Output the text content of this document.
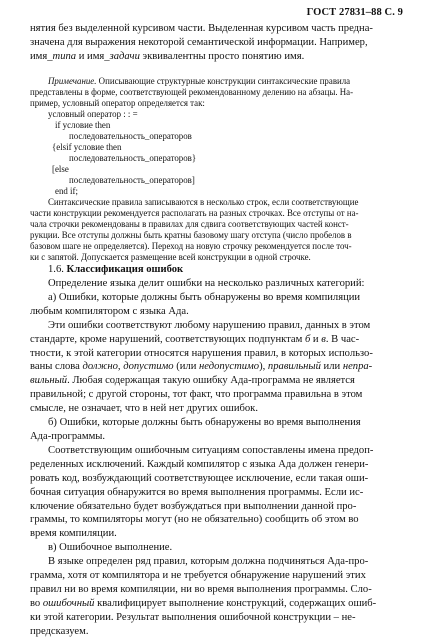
ГОСТ 27831–88 С. 9
нятия без выделенной курсивом части. Выделенная курсивом часть предна-
значена для выражения некоторой семантической информации. Например,
имя_типа и имя_задачи эквивалентны просто понятию имя.
Примечание. Описывающие структурные конструкции синтаксические правила
представлены в форме, соответствующей рекомендованному делению на абзацы. На-
пример, условный оператор определяется так:
условный оператор : : =
if условие then
последовательность_операторов
{elsif условие then
последовательность_операторов}
[else
последовательность_операторов]
end if;
Синтаксические правила записываются в несколько строк, если соответствующие
части конструкции рекомендуется располагать на разных строчках. Все отступы от на-
чала строчки рекомендованы в правилах для сдвига соответствующих частей конст-
рукции. Все отступы должны быть кратны базовому шагу отступа (число пробелов в
базовом шаге не определяется). Переход на новую строчку рекомендуется после точ-
ки с запятой. Допускается размещение всей конструкции в одной строчке.
1.6. Классификация ошибок
Определение языка делит ошибки на несколько различных категорий:
а) Ошибки, которые должны быть обнаружены во время компиляции
любым компилятором с языка Ада.
Эти ошибки соответствуют любому нарушению правил, данных в этом
стандарте, кроме нарушений, соответствующих подпунктам б и в. В час-
тности, к этой категории относятся нарушения правил, в которых использо-
ваны слова должно, допустимо (или недопустимо), правильный или непра-
вильный. Любая содержащая такую ошибку Ада-программа не является
правильной; с другой стороны, тот факт, что программа правильна в этом
смысле, не означает, что в ней нет других ошибок.
б) Ошибки, которые должны быть обнаружены во время выполнения
Ада-программы.
Соответствующим ошибочным ситуациям сопоставлены имена предоп-
ределенных исключений. Каждый компилятор с языка Ада должен генери-
ровать код, возбуждающий соответствующее исключение, если такая оши-
бочная ситуация обнаружится во время выполнения программы. Если ис-
ключение обязательно будет возбуждаться при выполнении данной про-
граммы, то компиляторы могут (но не обязательно) сообщить об этом во
время компиляции.
в) Ошибочное выполнение.
В языке определен ряд правил, которым должна подчиняться Ада-про-
грамма, хотя от компилятора и не требуется обнаружение нарушений этих
правил ни во время компиляции, ни во время выполнения программы. Сло-
во ошибочный квалифицирует выполнение конструкций, содержащих ошиб-
ки этой категории. Результат выполнения ошибочной конструкции – не-
предсказуем.
